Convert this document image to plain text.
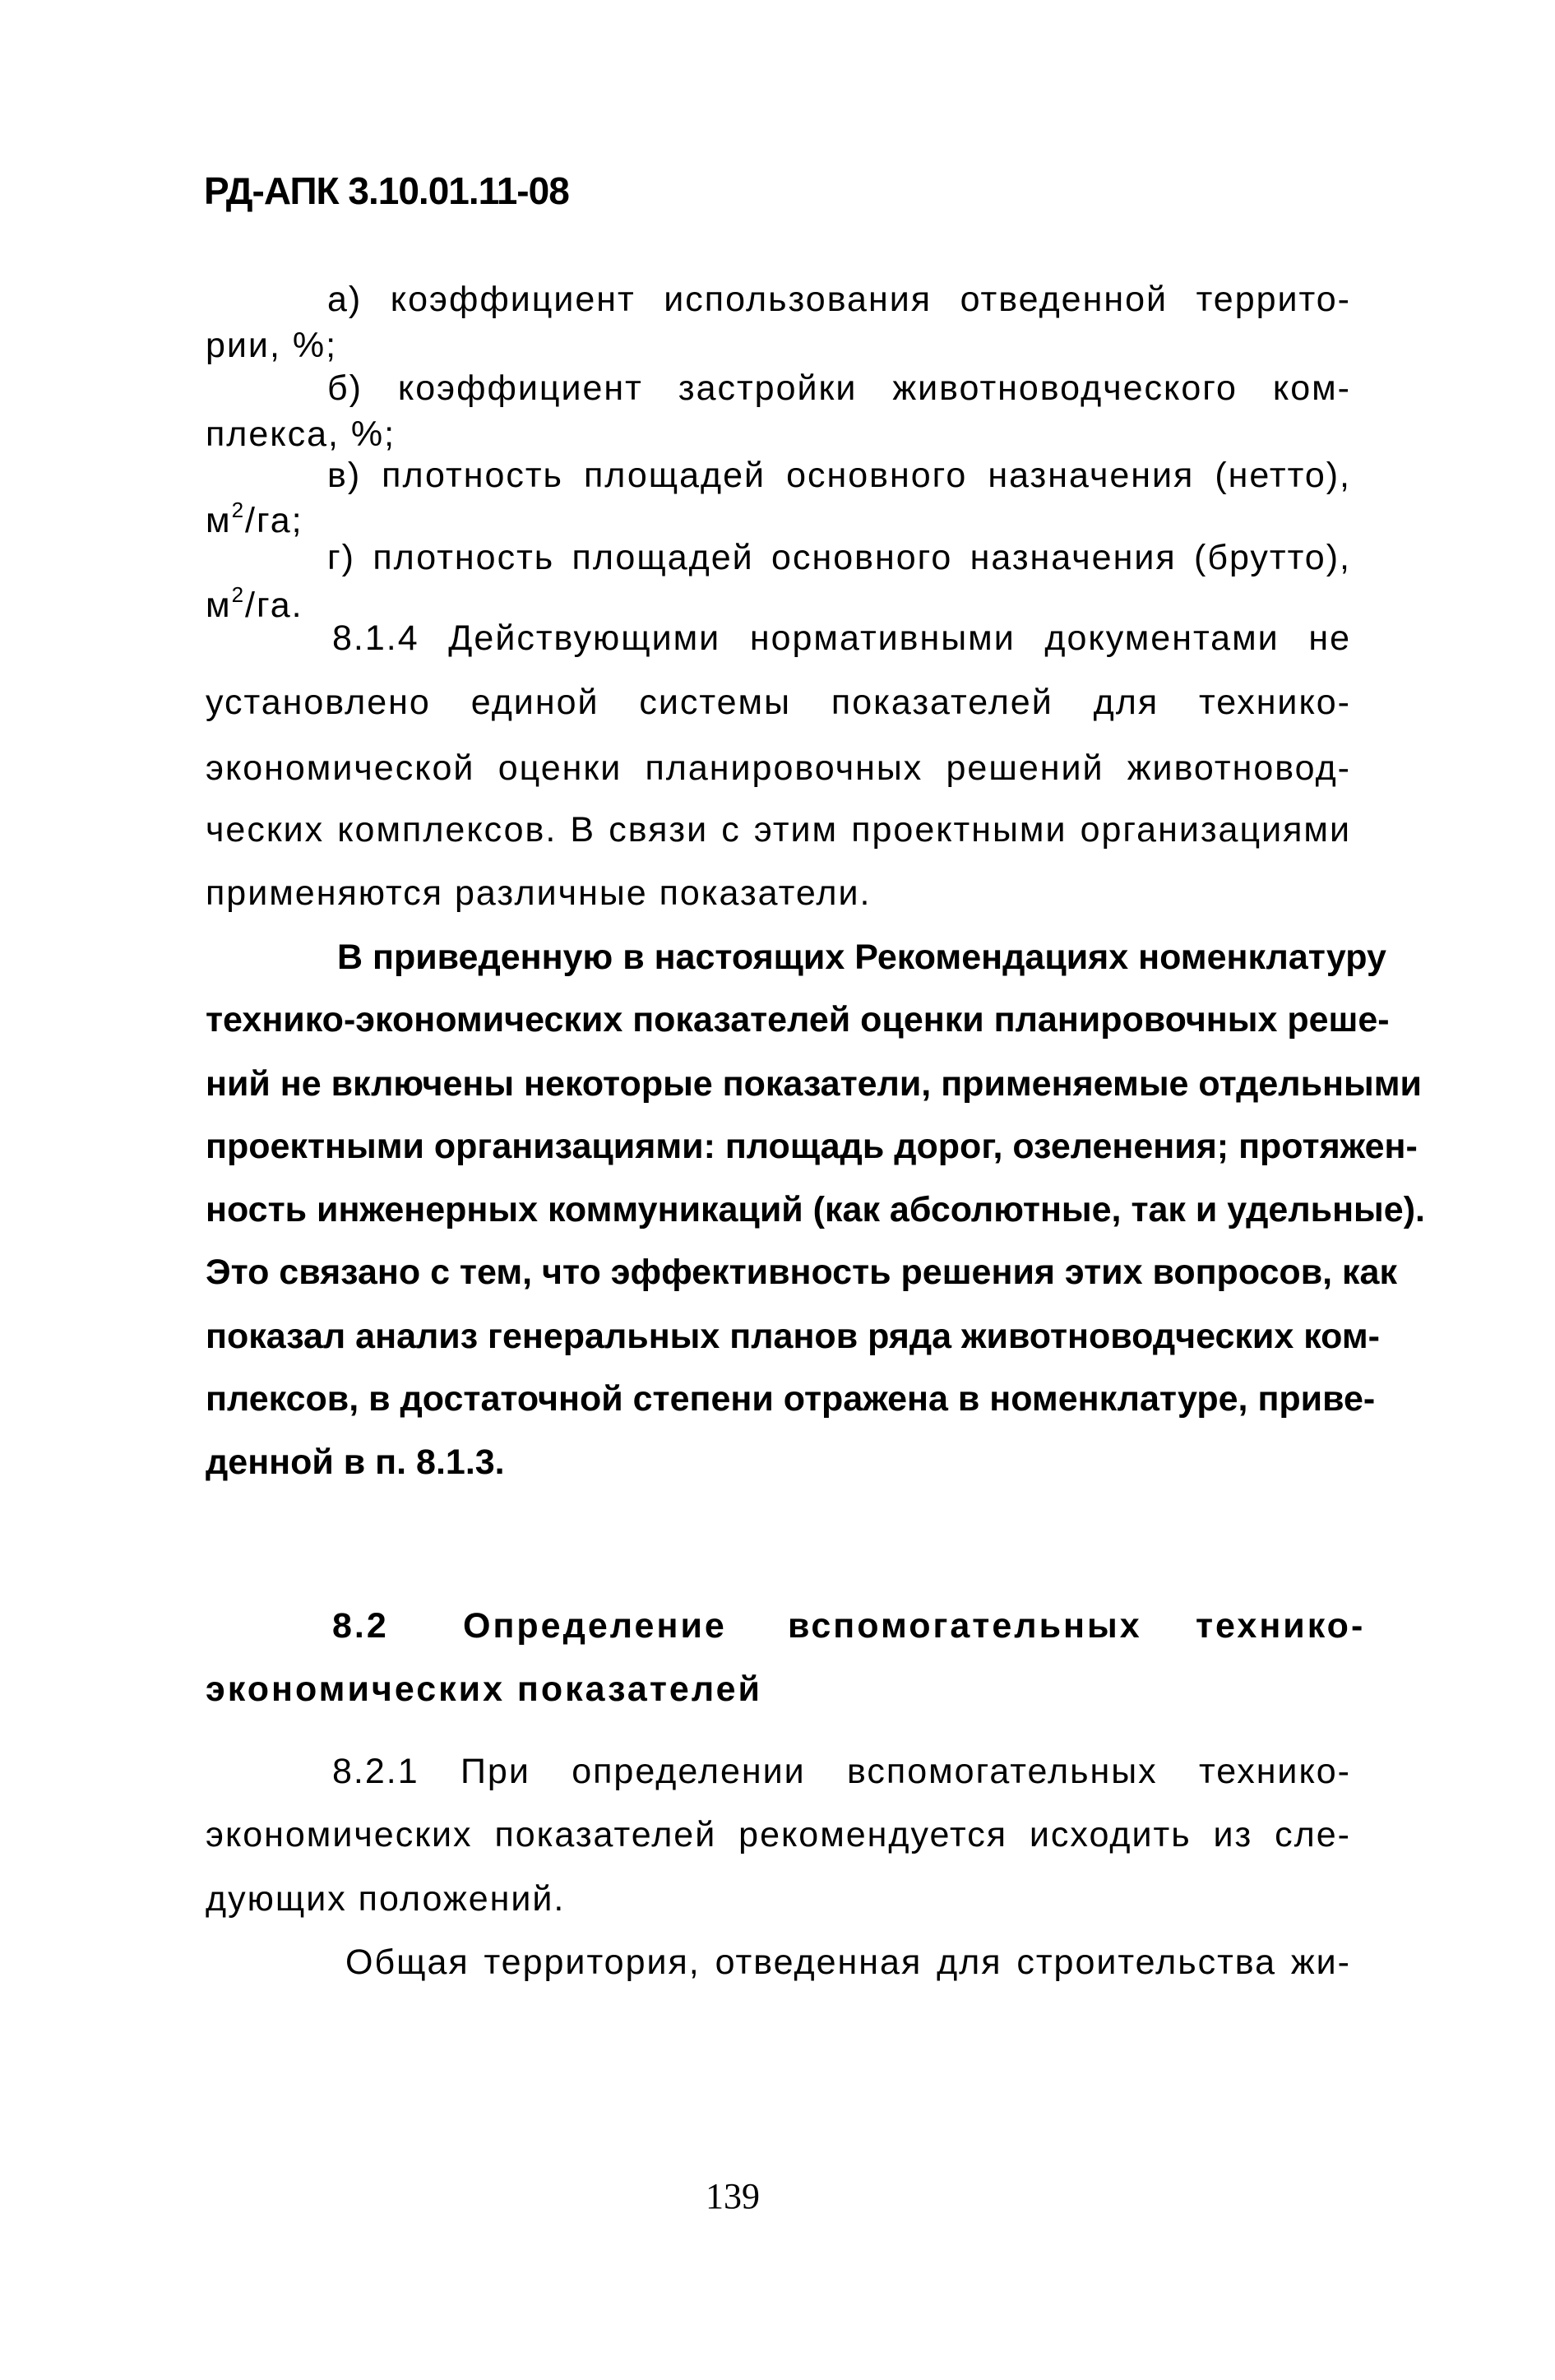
РД-АПК 3.10.01.11-08
а) коэффициент использования отведенной террито-
рии, %;
б) коэффициент застройки животноводческого ком-
плекса, %;
в) плотность площадей основного назначения (нетто),
$м^2/га$;
г) плотность площадей основного назначения (брутто),
$м^2/га$.
8.1.4 Действующими нормативными документами не
установлено единой системы показателей для технико-
экономической оценки планировочных решений животновод-
ческих комплексов. В связи с этим проектными организациями
применяются различные показатели.
В приведенную в настоящих Рекомендациях номенклатуру
технико-экономических показателей оценки планировочных реше-
ний не включены некоторые показатели, применяемые отдельными
проектными организациями: площадь дорог, озеленения; протяжен-
ность инженерных коммуникаций (как абсолютные, так и удельные).
Это связано с тем, что эффективность решения этих вопросов, как
показал анализ генеральных планов ряда животноводческих ком-
плексов, в достаточной степени отражена в номенклатуре, приве-
денной в п. 8.1.3.
8.2 Определение вспомогательных технико-
экономических показателей
8.2.1 При определении вспомогательных технико-
экономических показателей рекомендуется исходить из сле-
дующих положений.
Общая территория, отведенная для строительства жи-
139
